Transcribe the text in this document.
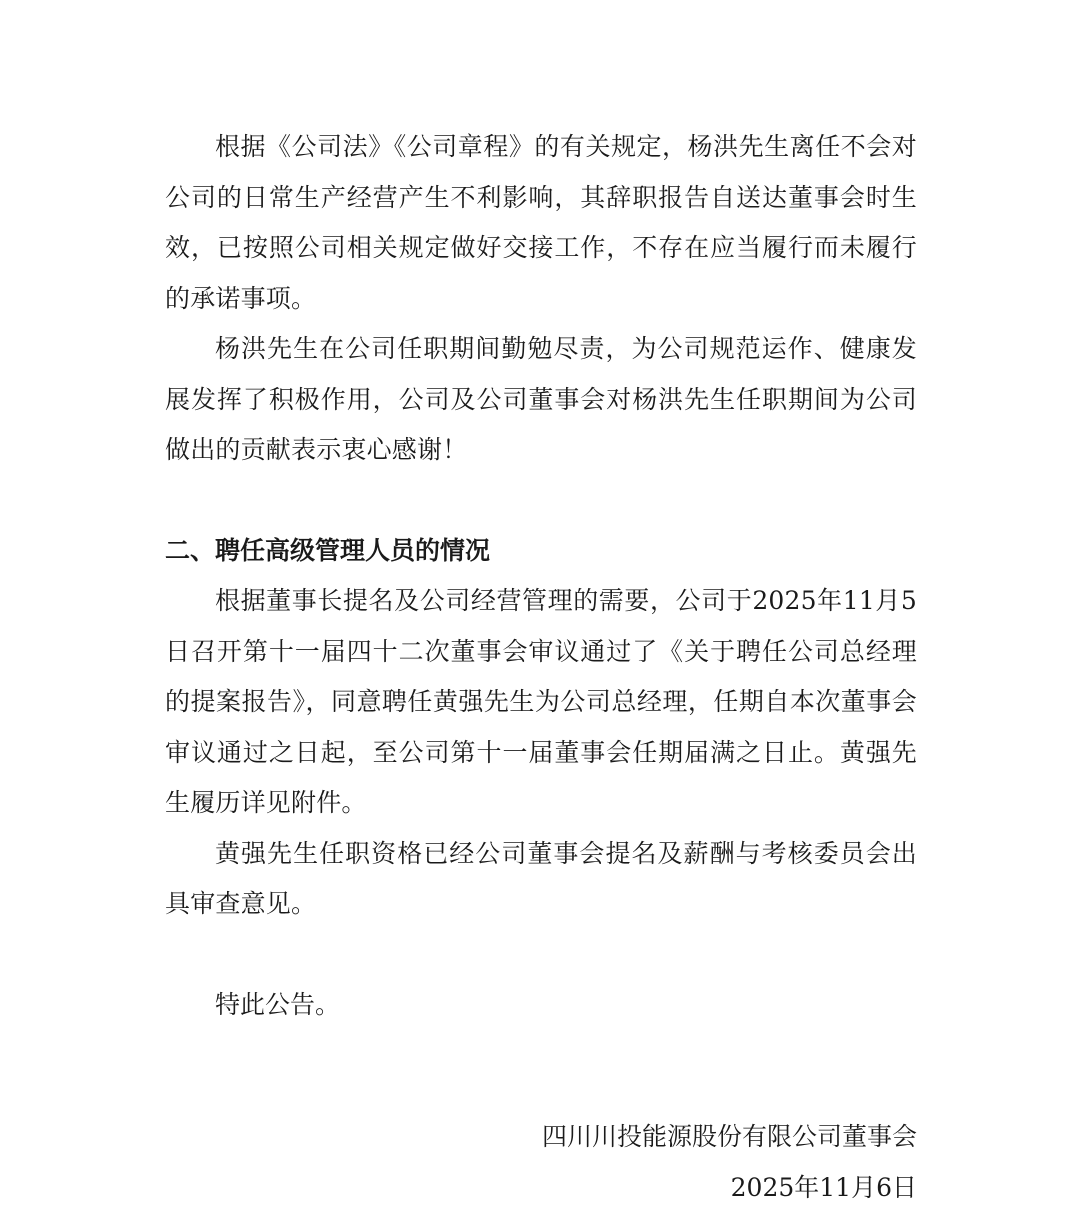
根据《公司法》《公司章程》的有关规定，杨洪先生离任不会对公司的日常生产经营产生不利影响，其辞职报告自送达董事会时生效，已按照公司相关规定做好交接工作，不存在应当履行而未履行的承诺事项。

杨洪先生在公司任职期间勤勉尽责，为公司规范运作、健康发展发挥了积极作用，公司及公司董事会对杨洪先生任职期间为公司做出的贡献表示衷心感谢！

二、聘任高级管理人员的情况

根据董事长提名及公司经营管理的需要，公司于2025年11月5日召开第十一届四十二次董事会审议通过了《关于聘任公司总经理的提案报告》，同意聘任黄强先生为公司总经理，任期自本次董事会审议通过之日起，至公司第十一届董事会任期届满之日止。黄强先生履历详见附件。

黄强先生任职资格已经公司董事会提名及薪酬与考核委员会出具审查意见。

特此公告。

四川川投能源股份有限公司董事会
2025年11月6日
